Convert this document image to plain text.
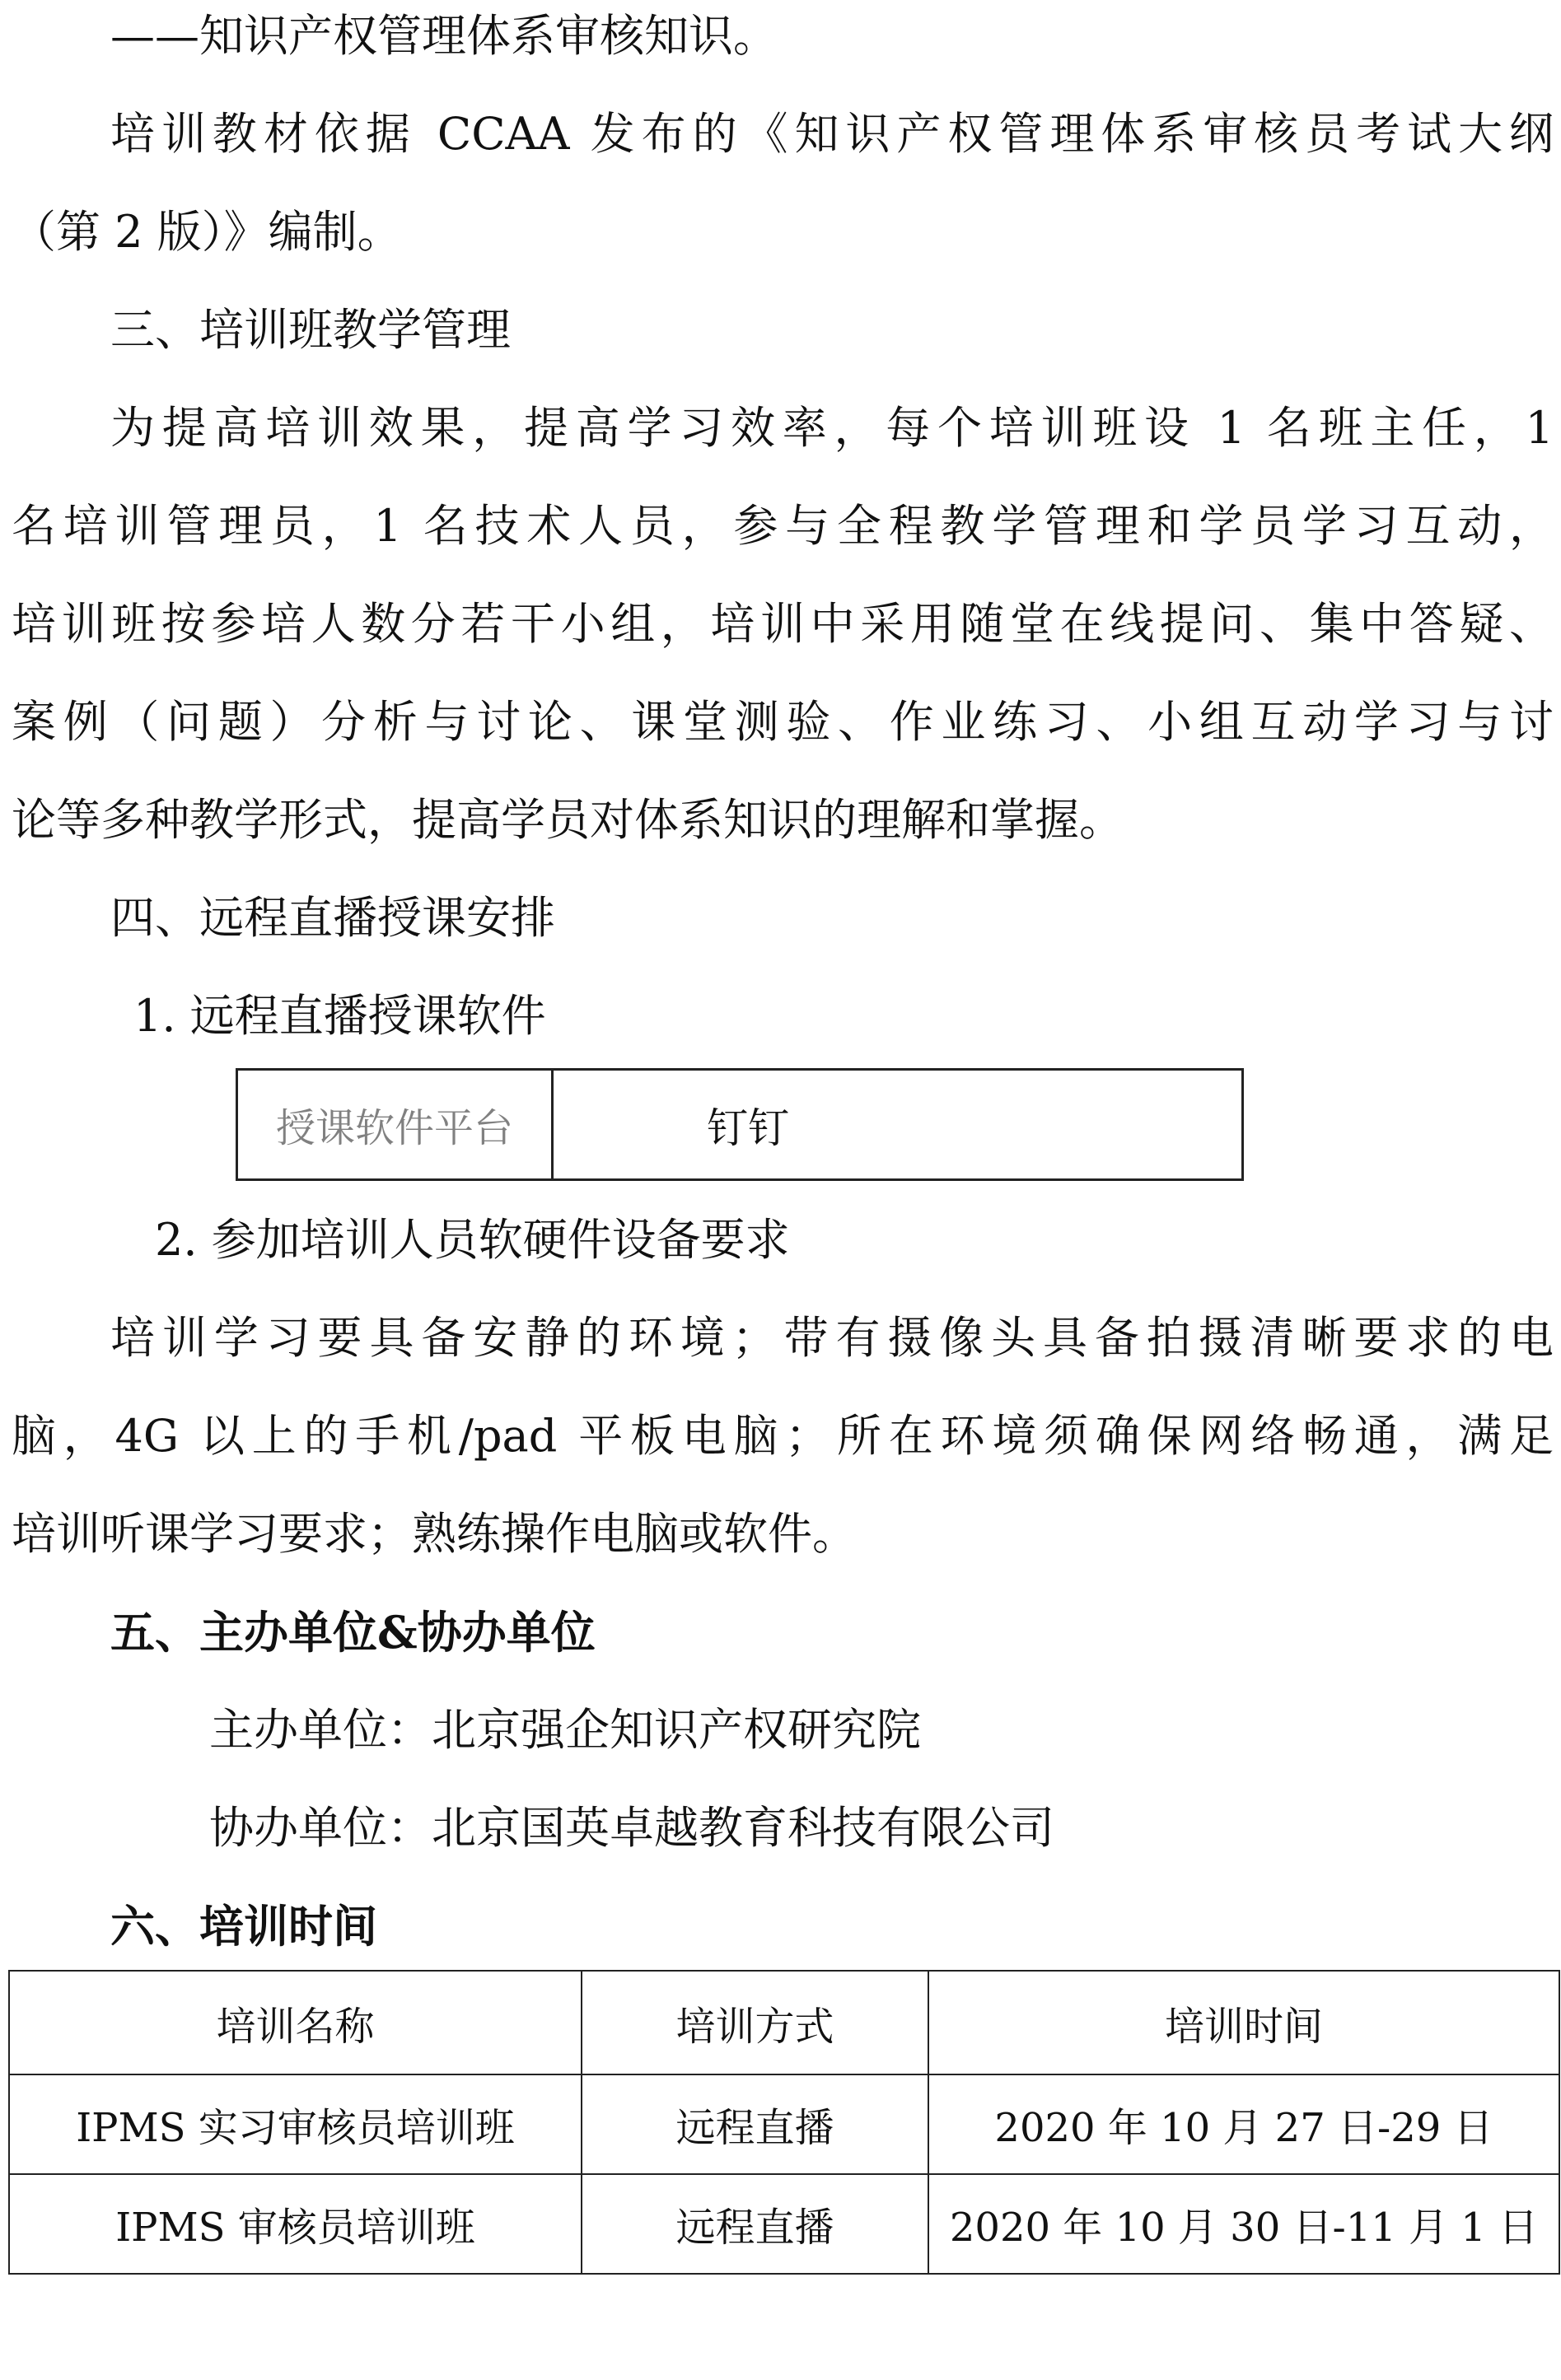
——知识产权管理体系审核知识。
培训教材依据 CCAA 发布的《知识产权管理体系审核员考试大纲
（第 2 版）》编制。
三、培训班教学管理
为提高培训效果，提高学习效率，每个培训班设 1 名班主任，1
名培训管理员，1 名技术人员，参与全程教学管理和学员学习互动，
培训班按参培人数分若干小组，培训中采用随堂在线提问、集中答疑、
案例（问题）分析与讨论、课堂测验、作业练习、小组互动学习与讨
论等多种教学形式，提高学员对体系知识的理解和掌握。
四、远程直播授课安排
1. 远程直播授课软件
授课软件平台	钉钉
2. 参加培训人员软硬件设备要求
培训学习要具备安静的环境；带有摄像头具备拍摄清晰要求的电
脑，4G 以上的手机/pad 平板电脑；所在环境须确保网络畅通，满足
培训听课学习要求；熟练操作电脑或软件。
五、主办单位&协办单位
主办单位：北京强企知识产权研究院
协办单位：北京国英卓越教育科技有限公司
六、培训时间
培训名称	培训方式	培训时间
IPMS 实习审核员培训班	远程直播	2020 年 10 月 27 日-29 日
IPMS 审核员培训班	远程直播	2020 年 10 月 30 日-11 月 1 日
